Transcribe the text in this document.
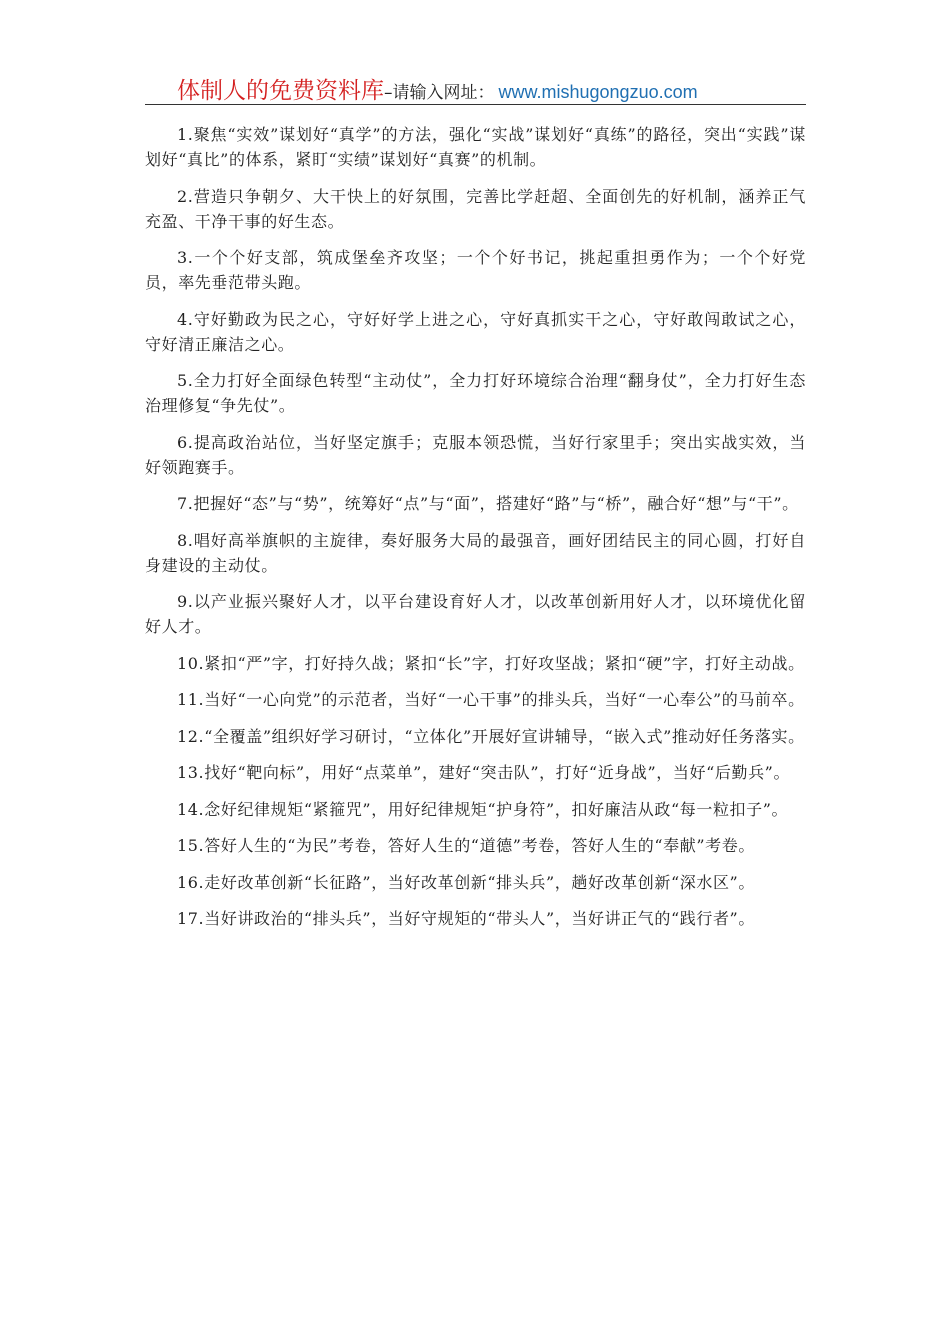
体制人的免费资料库 – 请输入网址： www.mishugongzuo.com

1.聚焦“实效”谋划好“真学”的方法，强化“实战”谋划好“真练”的路径，突出“实践”谋划好“真比”的体系，紧盯“实绩”谋划好“真赛”的机制。

2.营造只争朝夕、大干快上的好氛围，完善比学赶超、全面创先的好机制，涵养正气充盈、干净干事的好生态。

3.一个个好支部，筑成堡垒齐攻坚；一个个好书记，挑起重担勇作为；一个个好党员，率先垂范带头跑。

4.守好勤政为民之心，守好好学上进之心，守好真抓实干之心，守好敢闯敢试之心，守好清正廉洁之心。

5.全力打好全面绿色转型“主动仗”，全力打好环境综合治理“翻身仗”，全力打好生态治理修复“争先仗”。

6.提高政治站位，当好坚定旗手；克服本领恐慌，当好行家里手；突出实战实效，当好领跑赛手。

7.把握好“态”与“势”，统筹好“点”与“面”，搭建好“路”与“桥”，融合好“想”与“干”。

8.唱好高举旗帜的主旋律，奏好服务大局的最强音，画好团结民主的同心圆，打好自身建设的主动仗。

9.以产业振兴聚好人才，以平台建设育好人才，以改革创新用好人才，以环境优化留好人才。

10.紧扣“严”字，打好持久战；紧扣“长”字，打好攻坚战；紧扣“硬”字，打好主动战。

11.当好“一心向党”的示范者，当好“一心干事”的排头兵，当好“一心奉公”的马前卒。

12.“全覆盖”组织好学习研讨，“立体化”开展好宣讲辅导，“嵌入式”推动好任务落实。

13.找好“靶向标”，用好“点菜单”，建好“突击队”，打好“近身战”，当好“后勤兵”。

14.念好纪律规矩“紧箍咒”，用好纪律规矩“护身符”，扣好廉洁从政“每一粒扣子”。

15.答好人生的“为民”考卷，答好人生的“道德”考卷，答好人生的“奉献”考卷。

16.走好改革创新“长征路”，当好改革创新“排头兵”，趟好改革创新“深水区”。

17.当好讲政治的“排头兵”，当好守规矩的“带头人”，当好讲正气的“践行者”。
